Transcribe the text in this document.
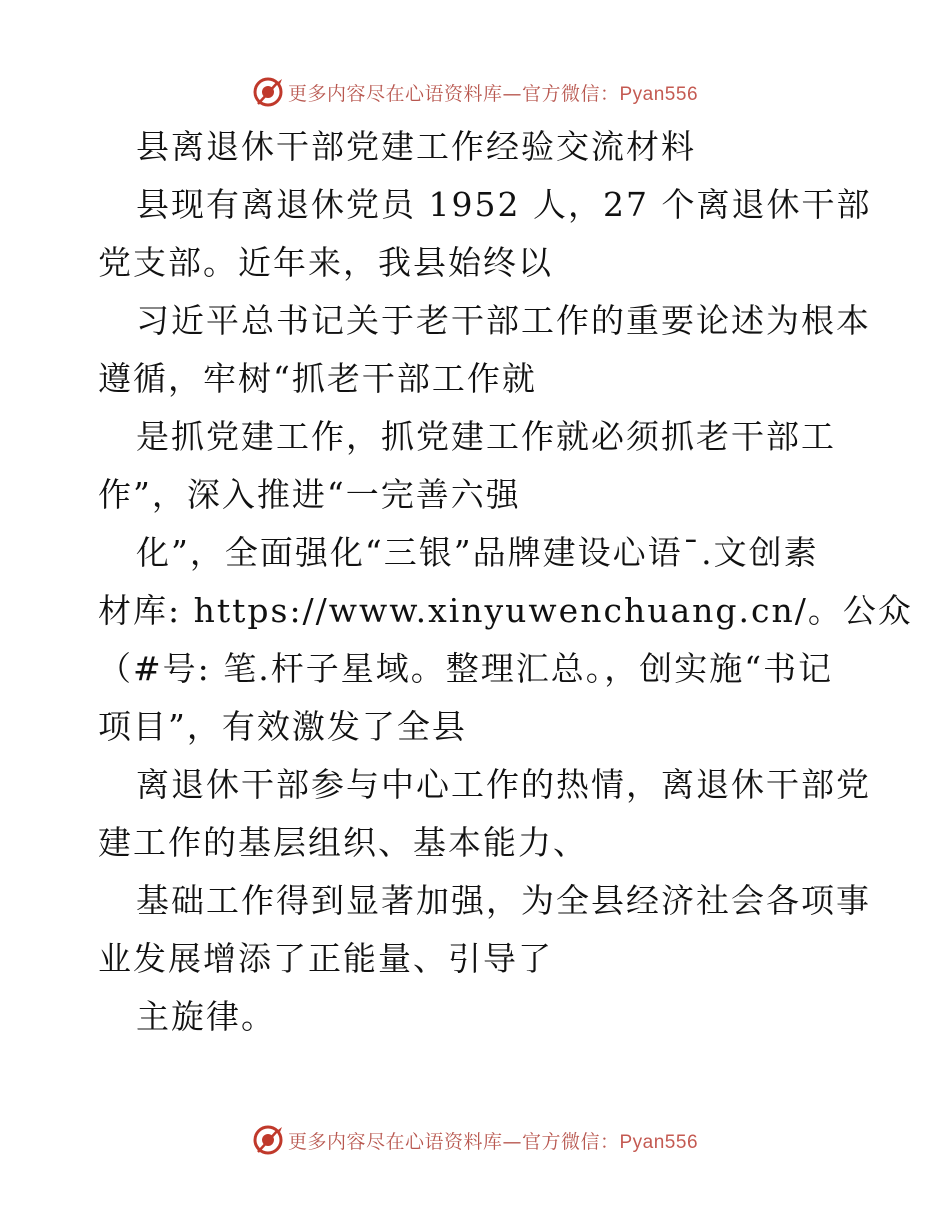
更多内容尽在心语资料库—官方微信：Pyan556
县离退休干部党建工作经验交流材料
县现有离退休党员 1952 人，27 个离退休干部
党支部。近年来，我县始终以
习近平总书记关于老干部工作的重要论述为根本
遵循，牢树“抓老干部工作就
是抓党建工作，抓党建工作就必须抓老干部工
作”，深入推进“一完善六强
化”，全面强化“三银”品牌建设心语¯.文创素
材库: https://www.xinyuwenchuang.cn/。公众
（#号: 笔.杆子星域。整理汇总。，创实施“书记
项目”，有效激发了全县
离退休干部参与中心工作的热情，离退休干部党
建工作的基层组织、基本能力、
基础工作得到显著加强，为全县经济社会各项事
业发展增添了正能量、引导了
主旋律。
更多内容尽在心语资料库—官方微信：Pyan556
